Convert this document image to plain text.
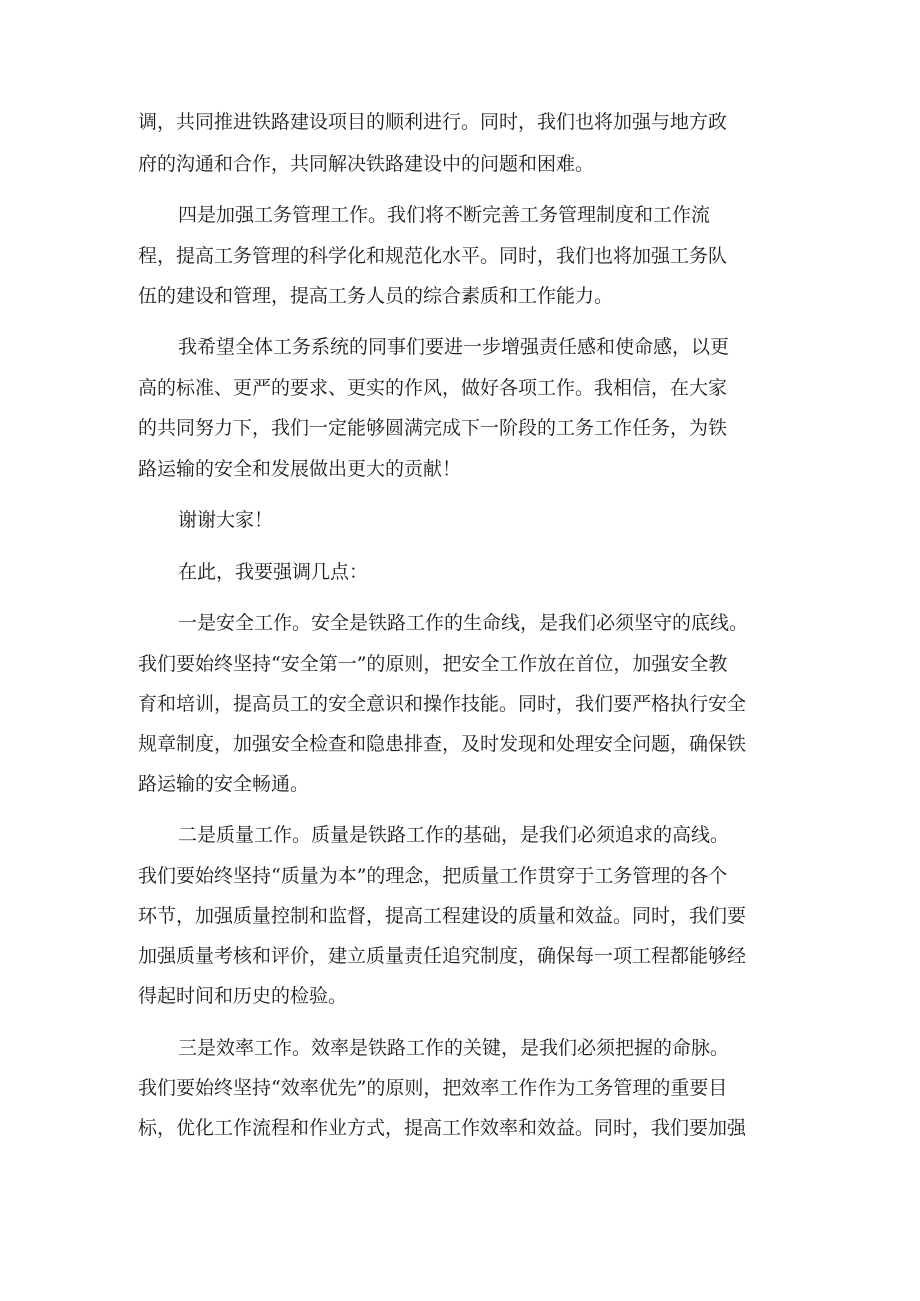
调，共同推进铁路建设项目的顺利进行。同时，我们也将加强与地方政
府的沟通和合作，共同解决铁路建设中的问题和困难。
四是加强工务管理工作。我们将不断完善工务管理制度和工作流
程，提高工务管理的科学化和规范化水平。同时，我们也将加强工务队
伍的建设和管理，提高工务人员的综合素质和工作能力。
我希望全体工务系统的同事们要进一步增强责任感和使命感，以更
高的标准、更严的要求、更实的作风，做好各项工作。我相信，在大家
的共同努力下，我们一定能够圆满完成下一阶段的工务工作任务，为铁
路运输的安全和发展做出更大的贡献！
谢谢大家！
在此，我要强调几点：
一是安全工作。安全是铁路工作的生命线，是我们必须坚守的底线。
我们要始终坚持“安全第一”的原则，把安全工作放在首位，加强安全教
育和培训，提高员工的安全意识和操作技能。同时，我们要严格执行安全
规章制度，加强安全检查和隐患排查，及时发现和处理安全问题，确保铁
路运输的安全畅通。
二是质量工作。质量是铁路工作的基础，是我们必须追求的高线。
我们要始终坚持“质量为本”的理念，把质量工作贯穿于工务管理的各个
环节，加强质量控制和监督，提高工程建设的质量和效益。同时，我们要
加强质量考核和评价，建立质量责任追究制度，确保每一项工程都能够经
得起时间和历史的检验。
三是效率工作。效率是铁路工作的关键，是我们必须把握的命脉。
我们要始终坚持“效率优先”的原则，把效率工作作为工务管理的重要目
标，优化工作流程和作业方式，提高工作效率和效益。同时，我们要加强
